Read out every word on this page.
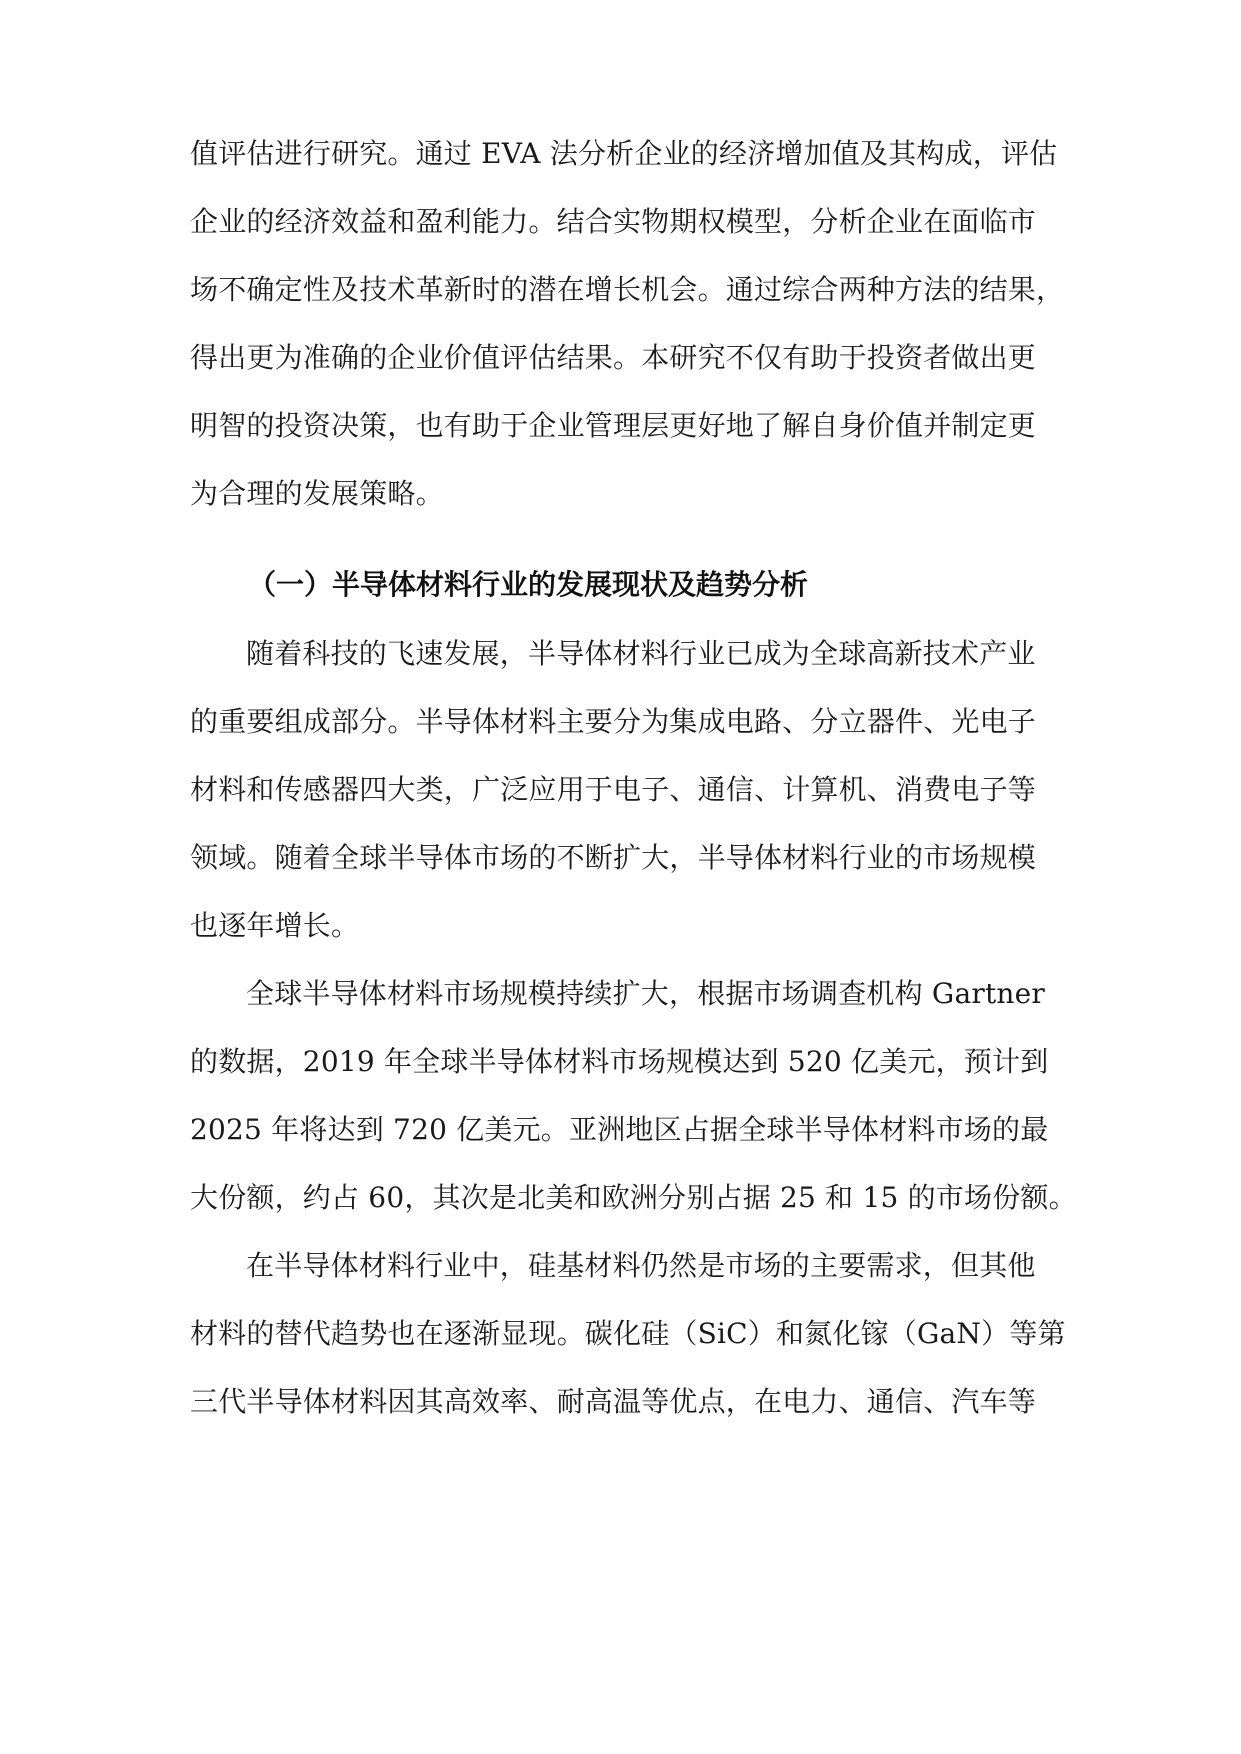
值评估进行研究。通过 EVA 法分析企业的经济增加值及其构成，评估
企业的经济效益和盈利能力。结合实物期权模型，分析企业在面临市
场不确定性及技术革新时的潜在增长机会。通过综合两种方法的结果，
得出更为准确的企业价值评估结果。本研究不仅有助于投资者做出更
明智的投资决策，也有助于企业管理层更好地了解自身价值并制定更
为合理的发展策略。
（一）半导体材料行业的发展现状及趋势分析
随着科技的飞速发展，半导体材料行业已成为全球高新技术产业
的重要组成部分。半导体材料主要分为集成电路、分立器件、光电子
材料和传感器四大类，广泛应用于电子、通信、计算机、消费电子等
领域。随着全球半导体市场的不断扩大，半导体材料行业的市场规模
也逐年增长。
全球半导体材料市场规模持续扩大，根据市场调查机构 Gartner
的数据，2019 年全球半导体材料市场规模达到 520 亿美元，预计到
2025 年将达到 720 亿美元。亚洲地区占据全球半导体材料市场的最
大份额，约占 60，其次是北美和欧洲分别占据 25 和 15 的市场份额。
在半导体材料行业中，硅基材料仍然是市场的主要需求，但其他
材料的替代趋势也在逐渐显现。碳化硅（SiC）和氮化镓（GaN）等第
三代半导体材料因其高效率、耐高温等优点，在电力、通信、汽车等
